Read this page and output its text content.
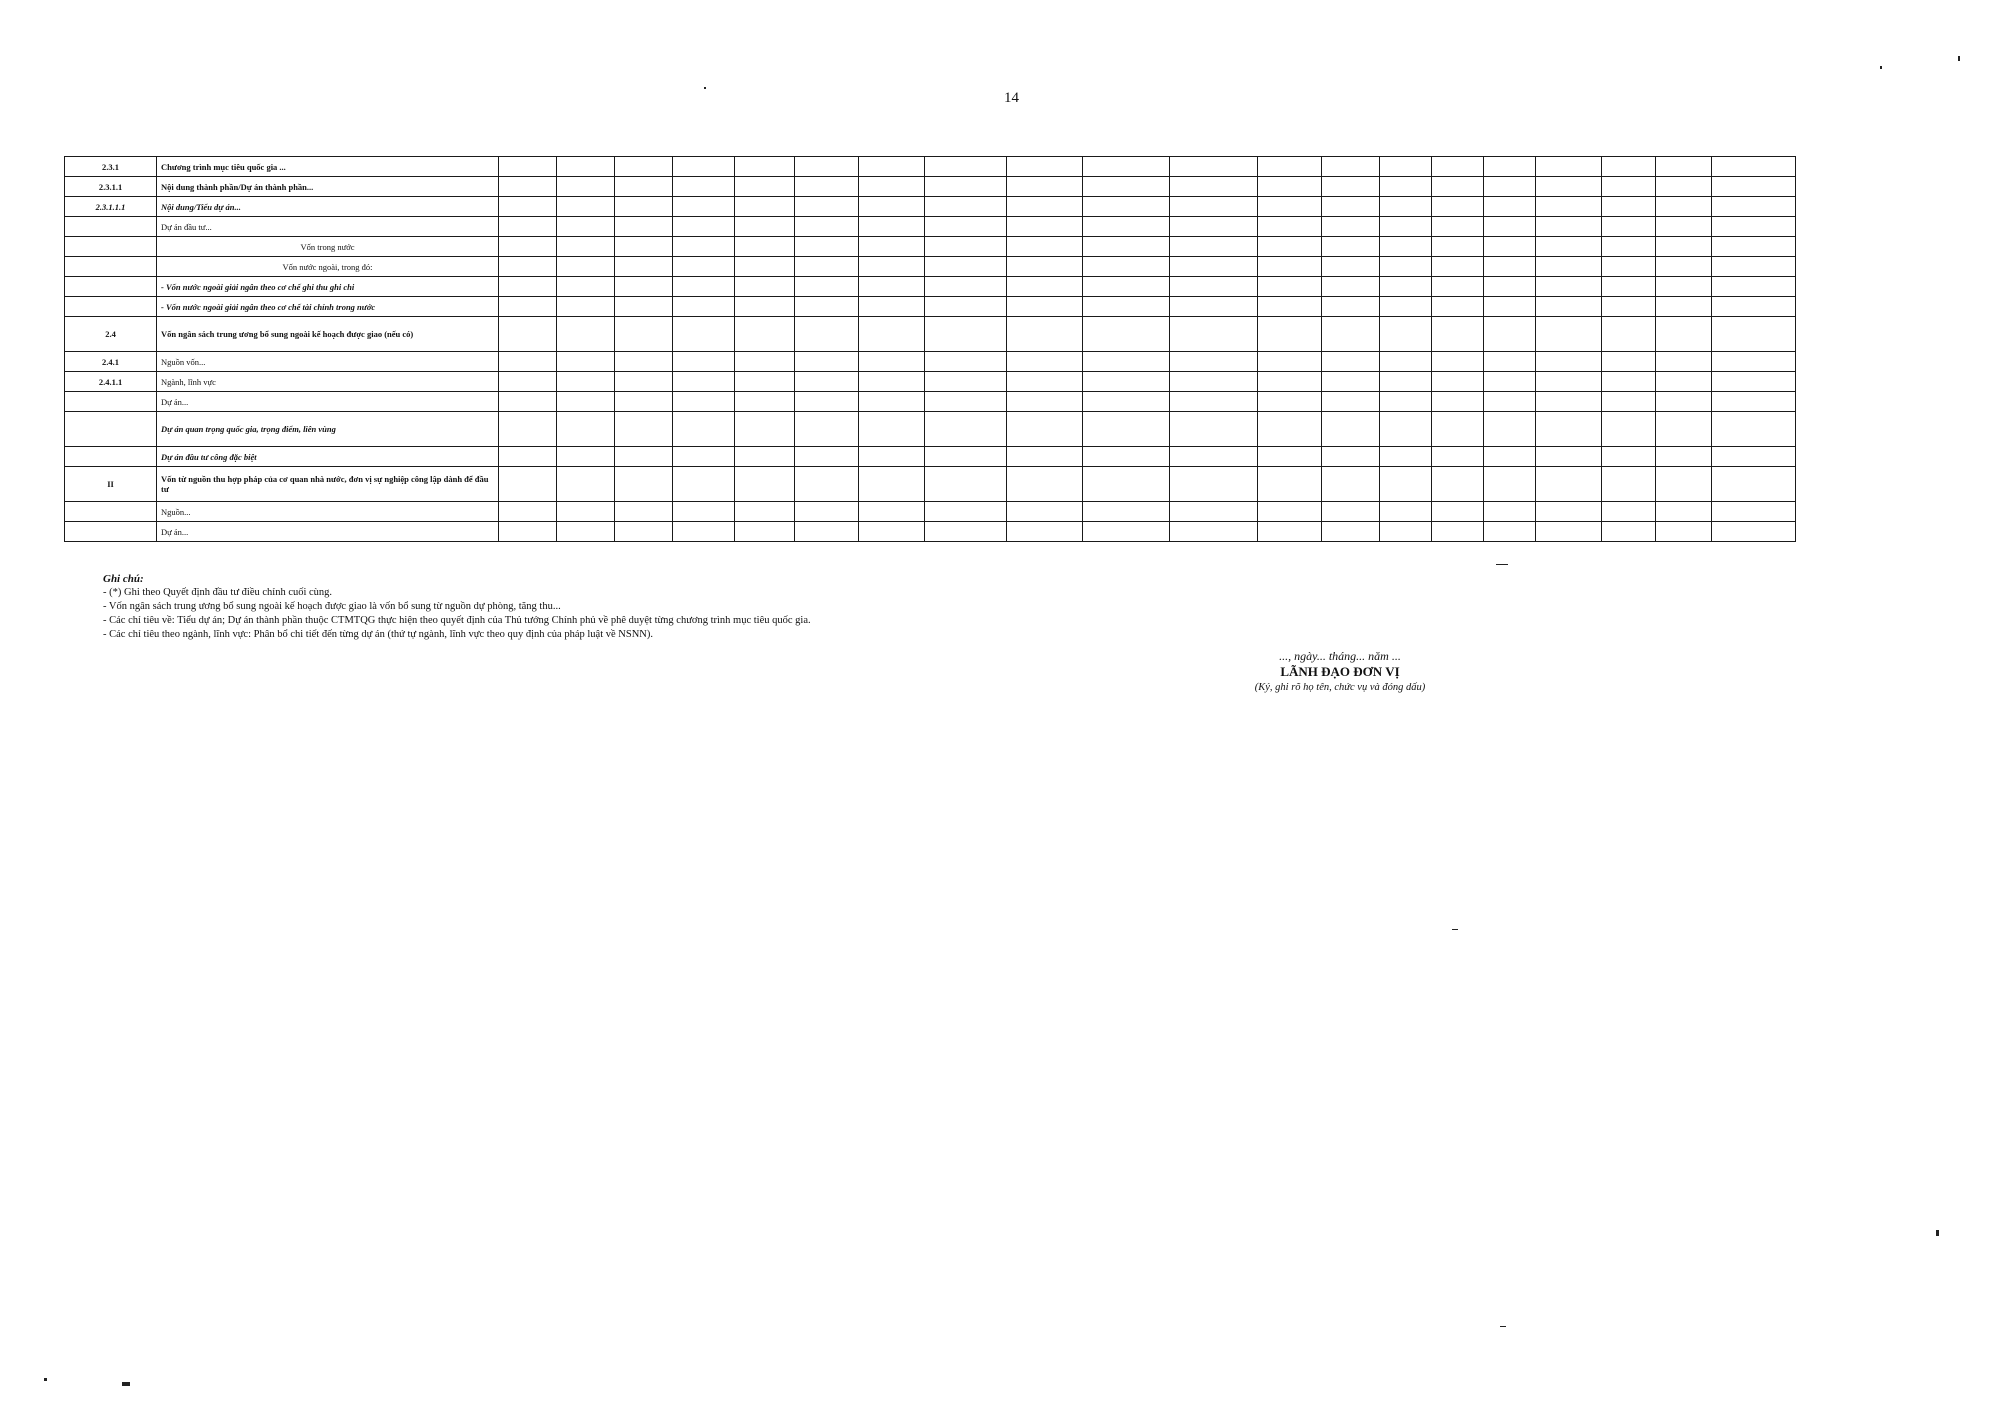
14
2.3.1	Chương trình mục tiêu quốc gia ...																				
2.3.1.1	Nội dung thành phần/Dự án thành phần...																				
2.3.1.1.1	Nội dung/Tiểu dự án...																				
	Dự án đầu tư...																				
	Vốn trong nước																				
	Vốn nước ngoài, trong đó:																				
	- Vốn nước ngoài giải ngân theo cơ chế ghi thu ghi chi																				
	- Vốn nước ngoài giải ngân theo cơ chế tài chính trong nước																				
2.4	Vốn ngân sách trung ương bổ sung ngoài kế hoạch được giao (nếu có)																				
2.4.1	Nguồn vốn...																				
2.4.1.1	Ngành, lĩnh vực																				
	Dự án...																				
	Dự án quan trọng quốc gia, trọng điểm, liên vùng																				
	Dự án đầu tư công đặc biệt																				
II	Vốn từ nguồn thu hợp pháp của cơ quan nhà nước, đơn vị sự nghiệp công lập dành để đầu tư																				
	Nguồn...																				
	Dự án...																				
Ghi chú:
- (*) Ghi theo Quyết định đầu tư điều chỉnh cuối cùng.
- Vốn ngân sách trung ương bổ sung ngoài kế hoạch được giao là vốn bổ sung từ nguồn dự phòng, tăng thu...
- Các chỉ tiêu về: Tiểu dự án; Dự án thành phần thuộc CTMTQG thực hiện theo quyết định của Thủ tướng Chính phủ về phê duyệt từng chương trình mục tiêu quốc gia.
- Các chỉ tiêu theo ngành, lĩnh vực: Phân bổ chi tiết đến từng dự án (thứ tự ngành, lĩnh vực theo quy định của pháp luật về NSNN).
..., ngày... tháng... năm ...
LÃNH ĐẠO ĐƠN VỊ
(Ký, ghi rõ họ tên, chức vụ và đóng dấu)
